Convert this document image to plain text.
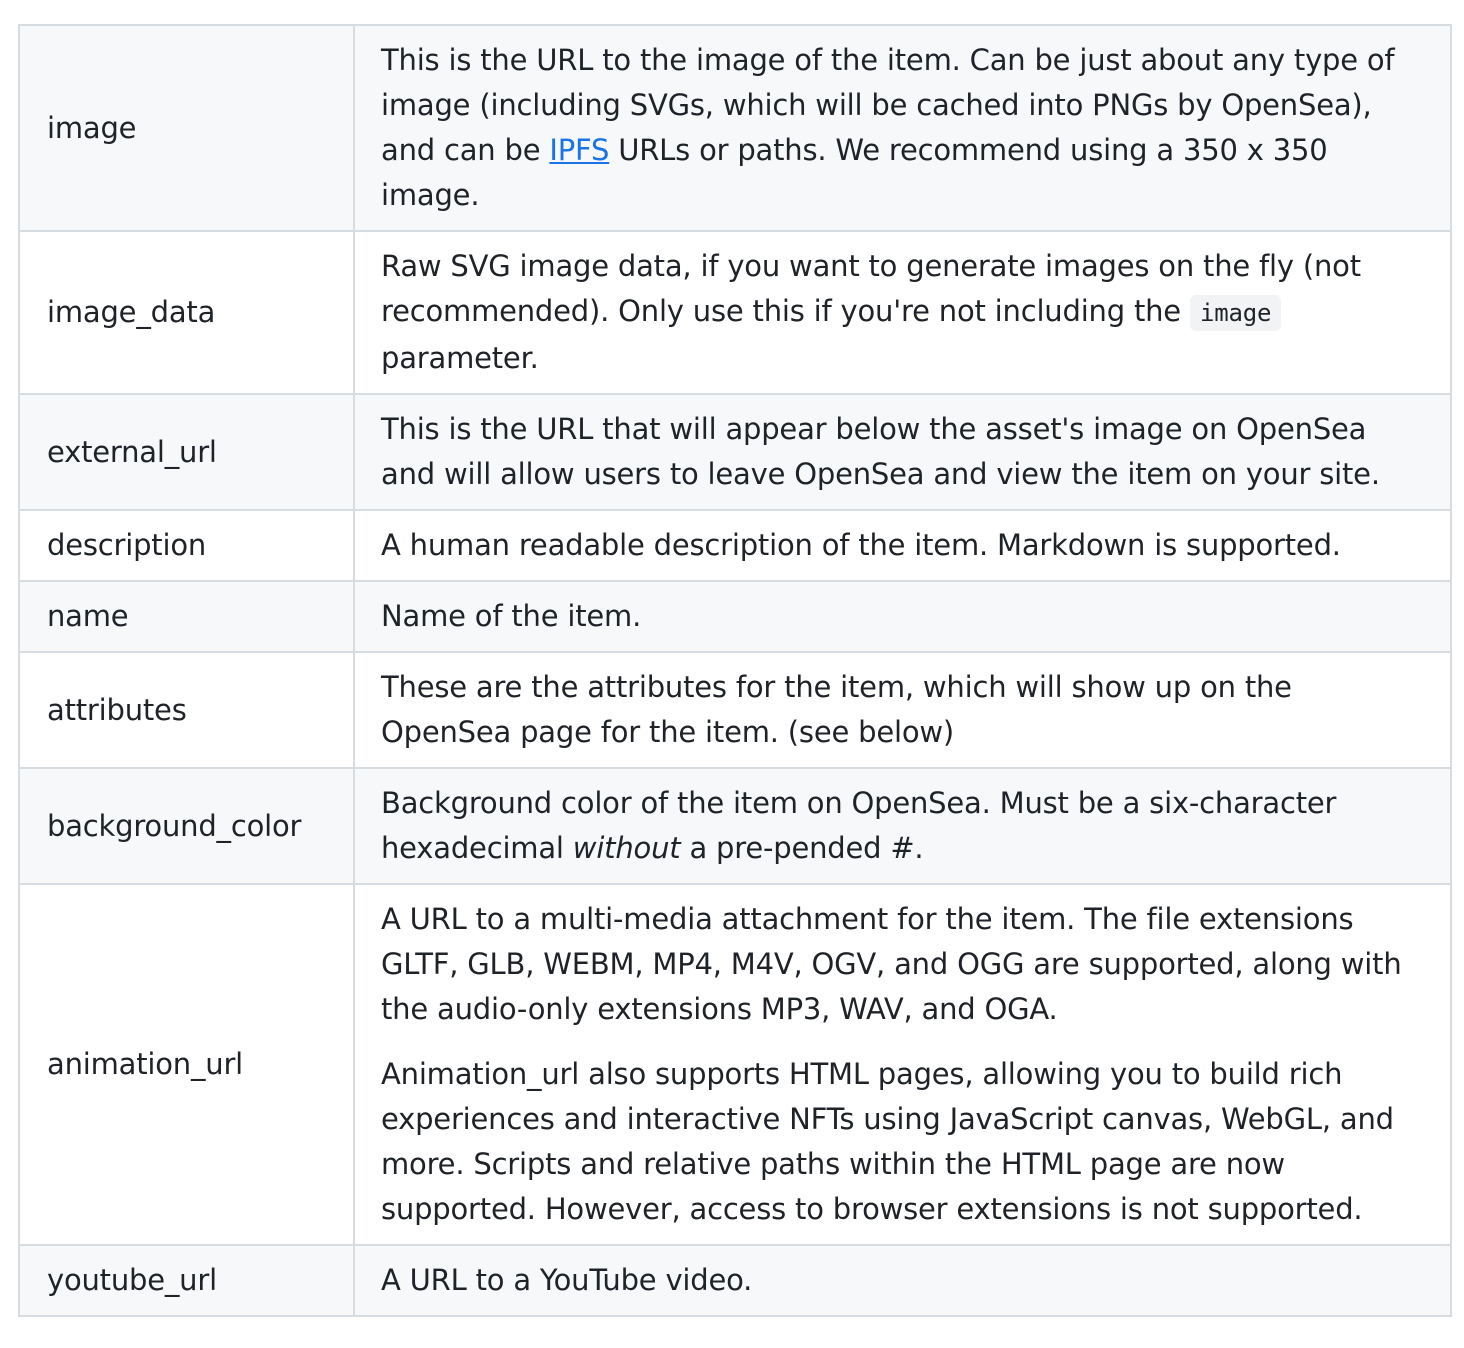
image	This is the URL to the image of the item. Can be just about any type of image (including SVGs, which will be cached into PNGs by OpenSea), and can be IPFS URLs or paths. We recommend using a 350 x 350 image.
image_data	Raw SVG image data, if you want to generate images on the fly (not recommended). Only use this if you're not including the image parameter.
external_url	This is the URL that will appear below the asset's image on OpenSea and will allow users to leave OpenSea and view the item on your site.
description	A human readable description of the item. Markdown is supported.
name	Name of the item.
attributes	These are the attributes for the item, which will show up on the OpenSea page for the item. (see below)
background_color	Background color of the item on OpenSea. Must be a six-character hexadecimal without a pre-pended #.
animation_url	A URL to a multi-media attachment for the item. The file extensions GLTF, GLB, WEBM, MP4, M4V, OGV, and OGG are supported, along with the audio-only extensions MP3, WAV, and OGA.

Animation_url also supports HTML pages, allowing you to build rich experiences and interactive NFTs using JavaScript canvas, WebGL, and more. Scripts and relative paths within the HTML page are now supported. However, access to browser extensions is not supported.

youtube_url	A URL to a YouTube video.
